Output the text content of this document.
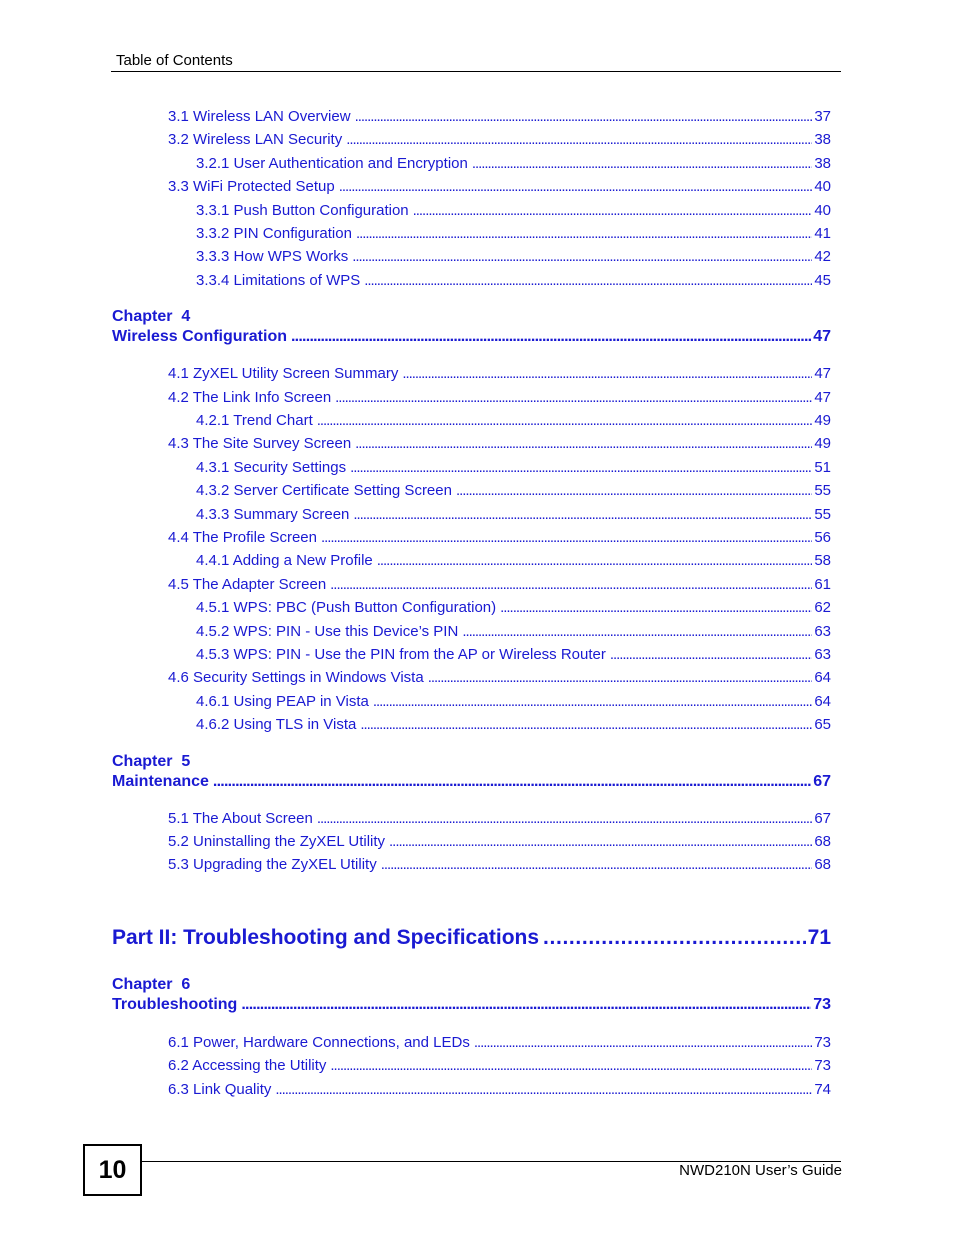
Table of Contents
3.1 Wireless LAN Overview . . .	37
3.2 Wireless LAN Security . . .	38
3.2.1 User Authentication and Encryption . . .	38
3.3 WiFi Protected Setup . . .	40
3.3.1 Push Button Configuration . . .	40
3.3.2 PIN Configuration . . .	41
3.3.3 How WPS Works . . .	42
3.3.4 Limitations of WPS . . .	45
Chapter  4
Wireless Configuration . . .	47
4.1 ZyXEL Utility Screen Summary . . .	47
4.2 The Link Info Screen . . .	47
4.2.1 Trend Chart . . .	49
4.3 The Site Survey Screen . . .	49
4.3.1 Security Settings . . .	51
4.3.2 Server Certificate Setting Screen . . .	55
4.3.3 Summary Screen . . .	55
4.4 The Profile Screen . . .	56
4.4.1 Adding a New Profile . . .	58
4.5 The Adapter Screen . . .	61
4.5.1 WPS: PBC (Push Button Configuration) . . .	62
4.5.2 WPS: PIN - Use this Device’s PIN . . .	63
4.5.3 WPS: PIN - Use the PIN from the AP or Wireless Router . . .	63
4.6 Security Settings in Windows Vista . . .	64
4.6.1 Using PEAP in Vista . . .	64
4.6.2 Using TLS in Vista . . .	65
Chapter  5
Maintenance . . .	67
5.1 The About Screen . . .	67
5.2 Uninstalling the ZyXEL Utility . . .	68
5.3 Upgrading the ZyXEL Utility . . .	68
Part II: Troubleshooting and Specifications . . .	71
Chapter  6
Troubleshooting . . .	73
6.1 Power, Hardware Connections, and LEDs . . .	73
6.2 Accessing the Utility . . .	73
6.3 Link Quality . . .	74
10	NWD210N User’s Guide
